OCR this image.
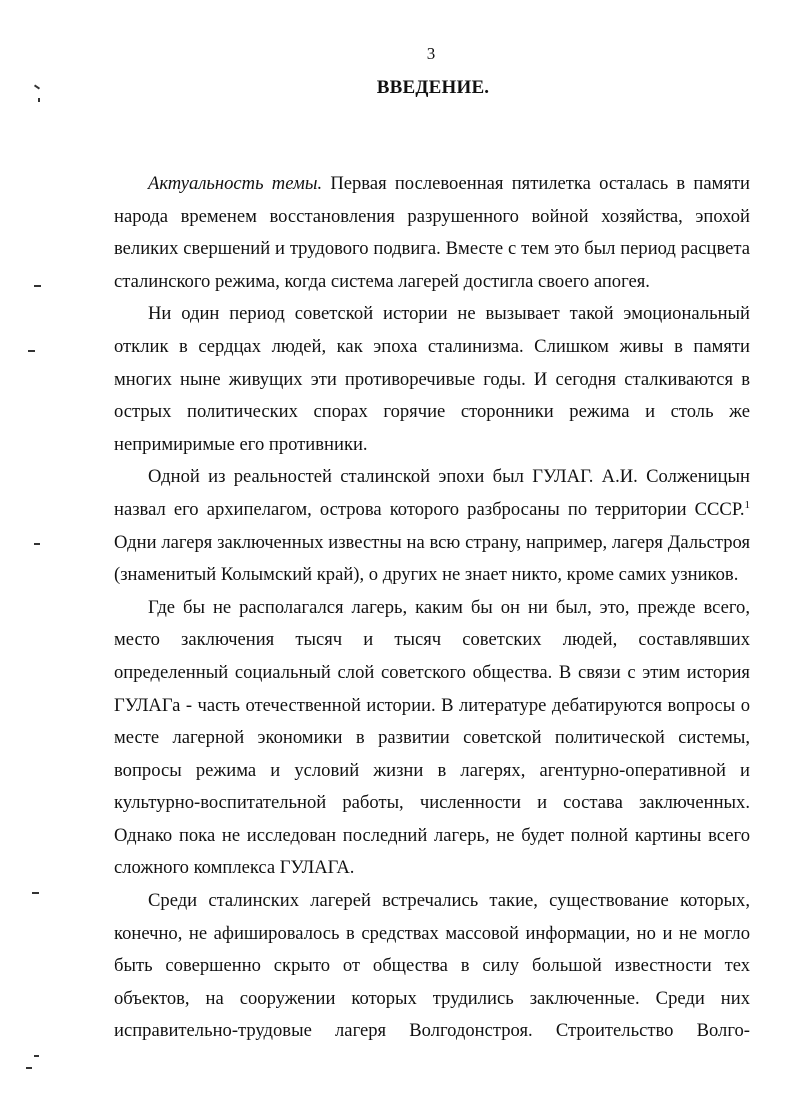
3
ВВЕДЕНИЕ.

Актуальность темы. Первая послевоенная пятилетка осталась в памяти народа временем восстановления разрушенного войной хозяйства, эпохой великих свершений и трудового подвига. Вместе с тем это был период расцвета сталинского режима, когда система лагерей достигла своего апогея.

Ни один период советской истории не вызывает такой эмоциональный отклик в сердцах людей, как эпоха сталинизма. Слишком живы в памяти многих ныне живущих эти противоречивые годы. И сегодня сталкиваются в острых политических спорах горячие сторонники режима и столь же непримиримые его противники.

Одной из реальностей сталинской эпохи был ГУЛАГ. А.И. Солженицын назвал его архипелагом, острова которого разбросаны по территории СССР.$^1$ Одни лагеря заключенных известны на всю страну, например, лагеря Дальстроя (знаменитый Колымский край), о других не знает никто, кроме самих узников.

Где бы не располагался лагерь, каким бы он ни был, это, прежде всего, место заключения тысяч и тысяч советских людей, составлявших определенный социальный слой советского общества. В связи с этим история ГУЛАГа - часть отечественной истории. В литературе дебатируются вопросы о месте лагерной экономики в развитии советской политической системы, вопросы режима и условий жизни в лагерях, агентурно-оперативной и культурно-воспитательной работы, численности и состава заключенных. Однако пока не исследован последний лагерь, не будет полной картины всего сложного комплекса ГУЛАГА.

Среди сталинских лагерей встречались такие, существование которых, конечно, не афишировалось в средствах массовой информации, но и не могло быть совершенно скрыто от общества в силу большой известности тех объектов, на сооружении которых трудились заключенные. Среди них исправительно-трудовые лагеря Волгодонстроя. Строительство Волго-
